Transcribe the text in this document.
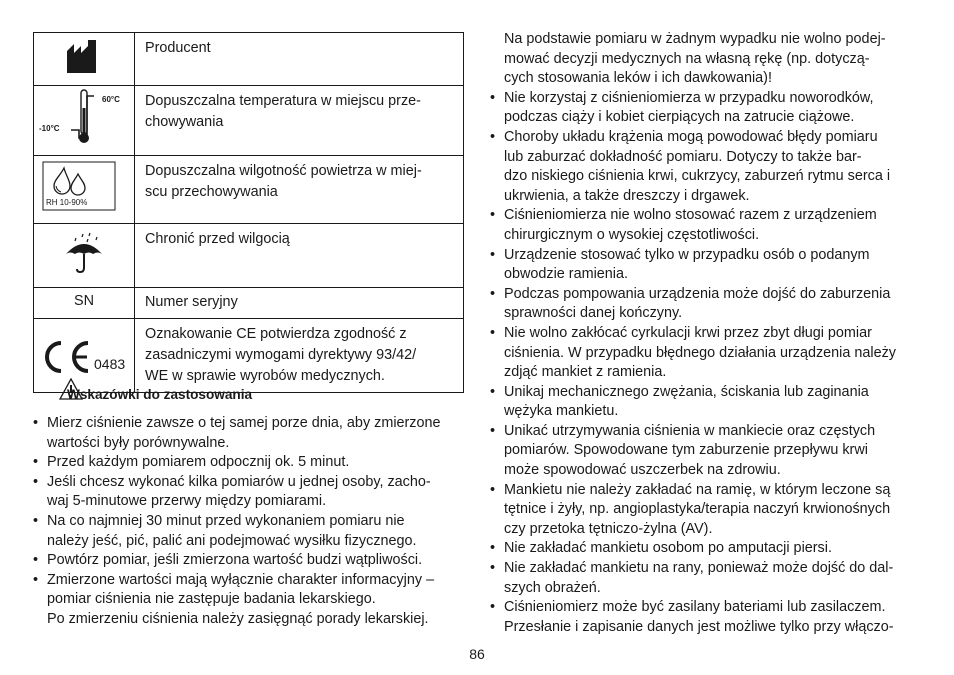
Producent

60°C
-10°C	Dopuszczalna temperatura w miejscu prze-
chowywania

RH 10-90%	Dopuszczalna wilgotność powietrza w miej-
scu przechowywania

Chronić przed wilgocią

SN	Numer seryjny

0483	Oznakowanie CE potwierdza zgodność z
zasadniczymi wymogami dyrektywy 93/42/
WE w sprawie wyrobów medycznych.
Wskazówki do zastosowania
• Mierz ciśnienie zawsze o tej samej porze dnia, aby zmierzone
wartości były porównywalne.
• Przed każdym pomiarem odpocznij ok. 5 minut.
• Jeśli chcesz wykonać kilka pomiarów u jednej osoby, zacho-
waj 5-minutowe przerwy między pomiarami.
• Na co najmniej 30 minut przed wykonaniem pomiaru nie
należy jeść, pić, palić ani podejmować wysiłku fizycznego.
• Powtórz pomiar, jeśli zmierzona wartość budzi wątpliwości.
• Zmierzone wartości mają wyłącznie charakter informacyjny –
pomiar ciśnienia nie zastępuje badania lekarskiego.
Po zmierzeniu ciśnienia należy zasięgnąć porady lekarskiej.
Na podstawie pomiaru w żadnym wypadku nie wolno podej-
mować decyzji medycznych na własną rękę (np. dotyczą-
cych stosowania leków i ich dawkowania)!
• Nie korzystaj z ciśnieniomierza w przypadku noworodków,
podczas ciąży i kobiet cierpiących na zatrucie ciążowe.
• Choroby układu krążenia mogą powodować błędy pomiaru
lub zaburzać dokładność pomiaru. Dotyczy to także bar-
dzo niskiego ciśnienia krwi, cukrzycy, zaburzeń rytmu serca i
ukrwienia, a także dreszczy i drgawek.
• Ciśnieniomierza nie wolno stosować razem z urządzeniem
chirurgicznym o wysokiej częstotliwości.
• Urządzenie stosować tylko w przypadku osób o podanym
obwodzie ramienia.
• Podczas pompowania urządzenia może dojść do zaburzenia
sprawności danej kończyny.
• Nie wolno zakłócać cyrkulacji krwi przez zbyt długi pomiar
ciśnienia. W przypadku błędnego działania urządzenia należy
zdjąć mankiet z ramienia.
• Unikaj mechanicznego zwężania, ściskania lub zaginania
wężyka mankietu.
• Unikać utrzymywania ciśnienia w mankiecie oraz częstych
pomiarów. Spowodowane tym zaburzenie przepływu krwi
może spowodować uszczerbek na zdrowiu.
• Mankietu nie należy zakładać na ramię, w którym leczone są
tętnice i żyły, np. angioplastyka/terapia naczyń krwionośnych
czy przetoka tętniczo-żylna (AV).
• Nie zakładać mankietu osobom po amputacji piersi.
• Nie zakładać mankietu na rany, ponieważ może dojść do dal-
szych obrażeń.
• Ciśnieniomierz może być zasilany bateriami lub zasilaczem.
Przesłanie i zapisanie danych jest możliwe tylko przy włączo-
86
